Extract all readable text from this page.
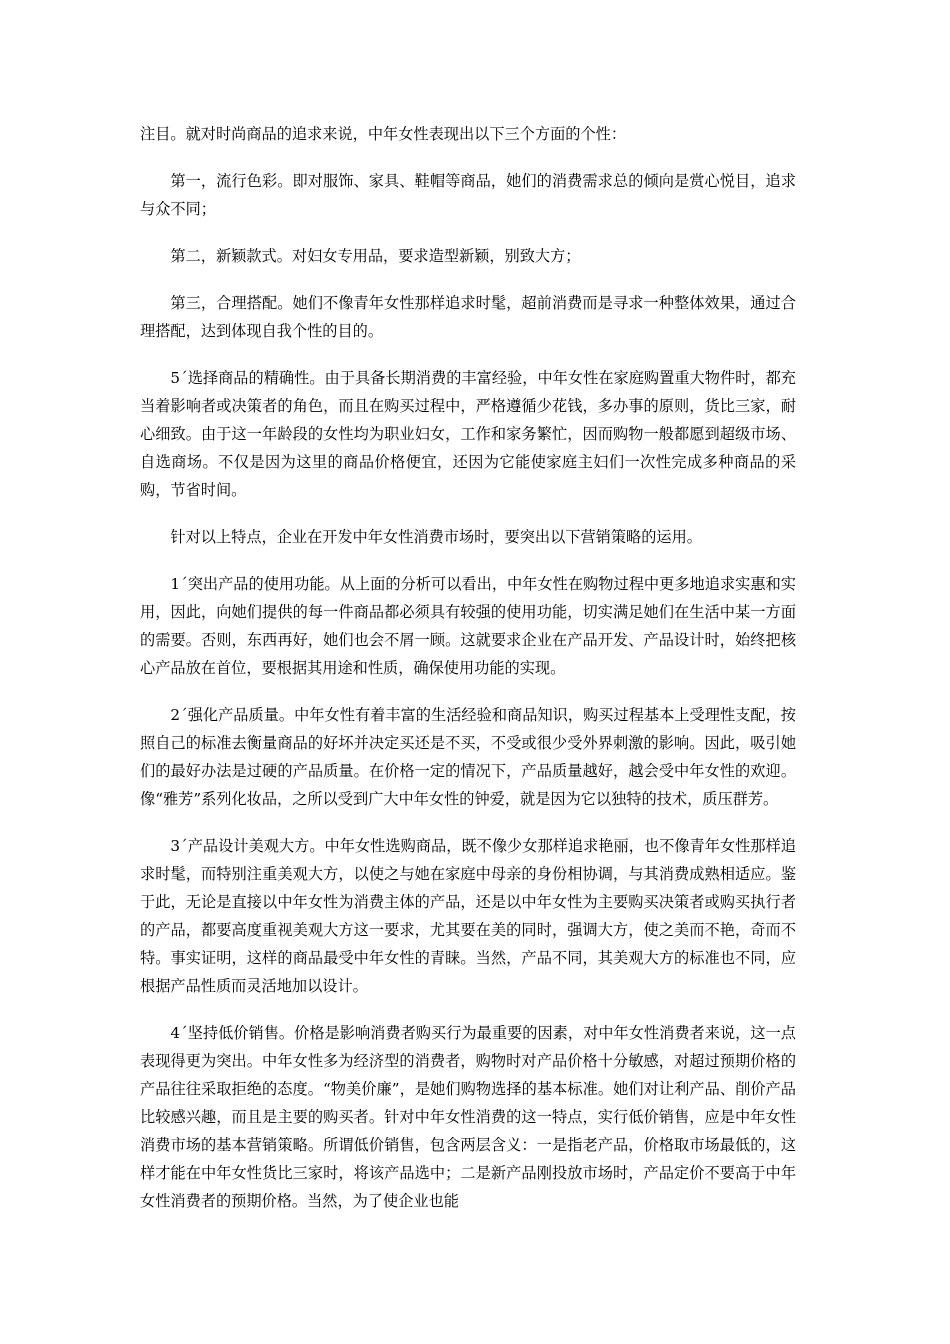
注目。就对时尚商品的追求来说，中年女性表现出以下三个方面的个性：

第一，流行色彩。即对服饰、家具、鞋帽等商品，她们的消费需求总的倾向是赏心悦目，追求与众不同；

第二，新颖款式。对妇女专用品，要求造型新颖，别致大方；

第三，合理搭配。她们不像青年女性那样追求时髦，超前消费而是寻求一种整体效果，通过合理搭配，达到体现自我个性的目的。

5ˊ选择商品的精确性。由于具备长期消费的丰富经验，中年女性在家庭购置重大物件时，都充当着影响者或决策者的角色，而且在购买过程中，严格遵循少花钱，多办事的原则，货比三家，耐心细致。由于这一年龄段的女性均为职业妇女，工作和家务繁忙，因而购物一般都愿到超级市场、自选商场。不仅是因为这里的商品价格便宜，还因为它能使家庭主妇们一次性完成多种商品的采购，节省时间。

针对以上特点，企业在开发中年女性消费市场时，要突出以下营销策略的运用。

1ˊ突出产品的使用功能。从上面的分析可以看出，中年女性在购物过程中更多地追求实惠和实用，因此，向她们提供的每一件商品都必须具有较强的使用功能，切实满足她们在生活中某一方面的需要。否则，东西再好，她们也会不屑一顾。这就要求企业在产品开发、产品设计时，始终把核心产品放在首位，要根据其用途和性质，确保使用功能的实现。

2ˊ强化产品质量。中年女性有着丰富的生活经验和商品知识，购买过程基本上受理性支配，按照自己的标准去衡量商品的好坏并决定买还是不买，不受或很少受外界刺激的影响。因此，吸引她们的最好办法是过硬的产品质量。在价格一定的情况下，产品质量越好，越会受中年女性的欢迎。像“雅芳”系列化妆品，之所以受到广大中年女性的钟爱，就是因为它以独特的技术，质压群芳。

3ˊ产品设计美观大方。中年女性选购商品，既不像少女那样追求艳丽，也不像青年女性那样追求时髦，而特别注重美观大方，以使之与她在家庭中母亲的身份相协调，与其消费成熟相适应。鉴于此，无论是直接以中年女性为消费主体的产品，还是以中年女性为主要购买决策者或购买执行者的产品，都要高度重视美观大方这一要求，尤其要在美的同时，强调大方，使之美而不艳，奇而不特。事实证明，这样的商品最受中年女性的青睐。当然，产品不同，其美观大方的标准也不同，应根据产品性质而灵活地加以设计。

4ˊ坚持低价销售。价格是影响消费者购买行为最重要的因素，对中年女性消费者来说，这一点表现得更为突出。中年女性多为经济型的消费者，购物时对产品价格十分敏感，对超过预期价格的产品往往采取拒绝的态度。“物美价廉”，是她们购物选择的基本标准。她们对让利产品、削价产品比较感兴趣，而且是主要的购买者。针对中年女性消费的这一特点，实行低价销售，应是中年女性消费市场的基本营销策略。所谓低价销售，包含两层含义：一是指老产品，价格取市场最低的，这样才能在中年女性货比三家时，将该产品选中；二是新产品刚投放市场时，产品定价不要高于中年女性消费者的预期价格。当然，为了使企业也能
